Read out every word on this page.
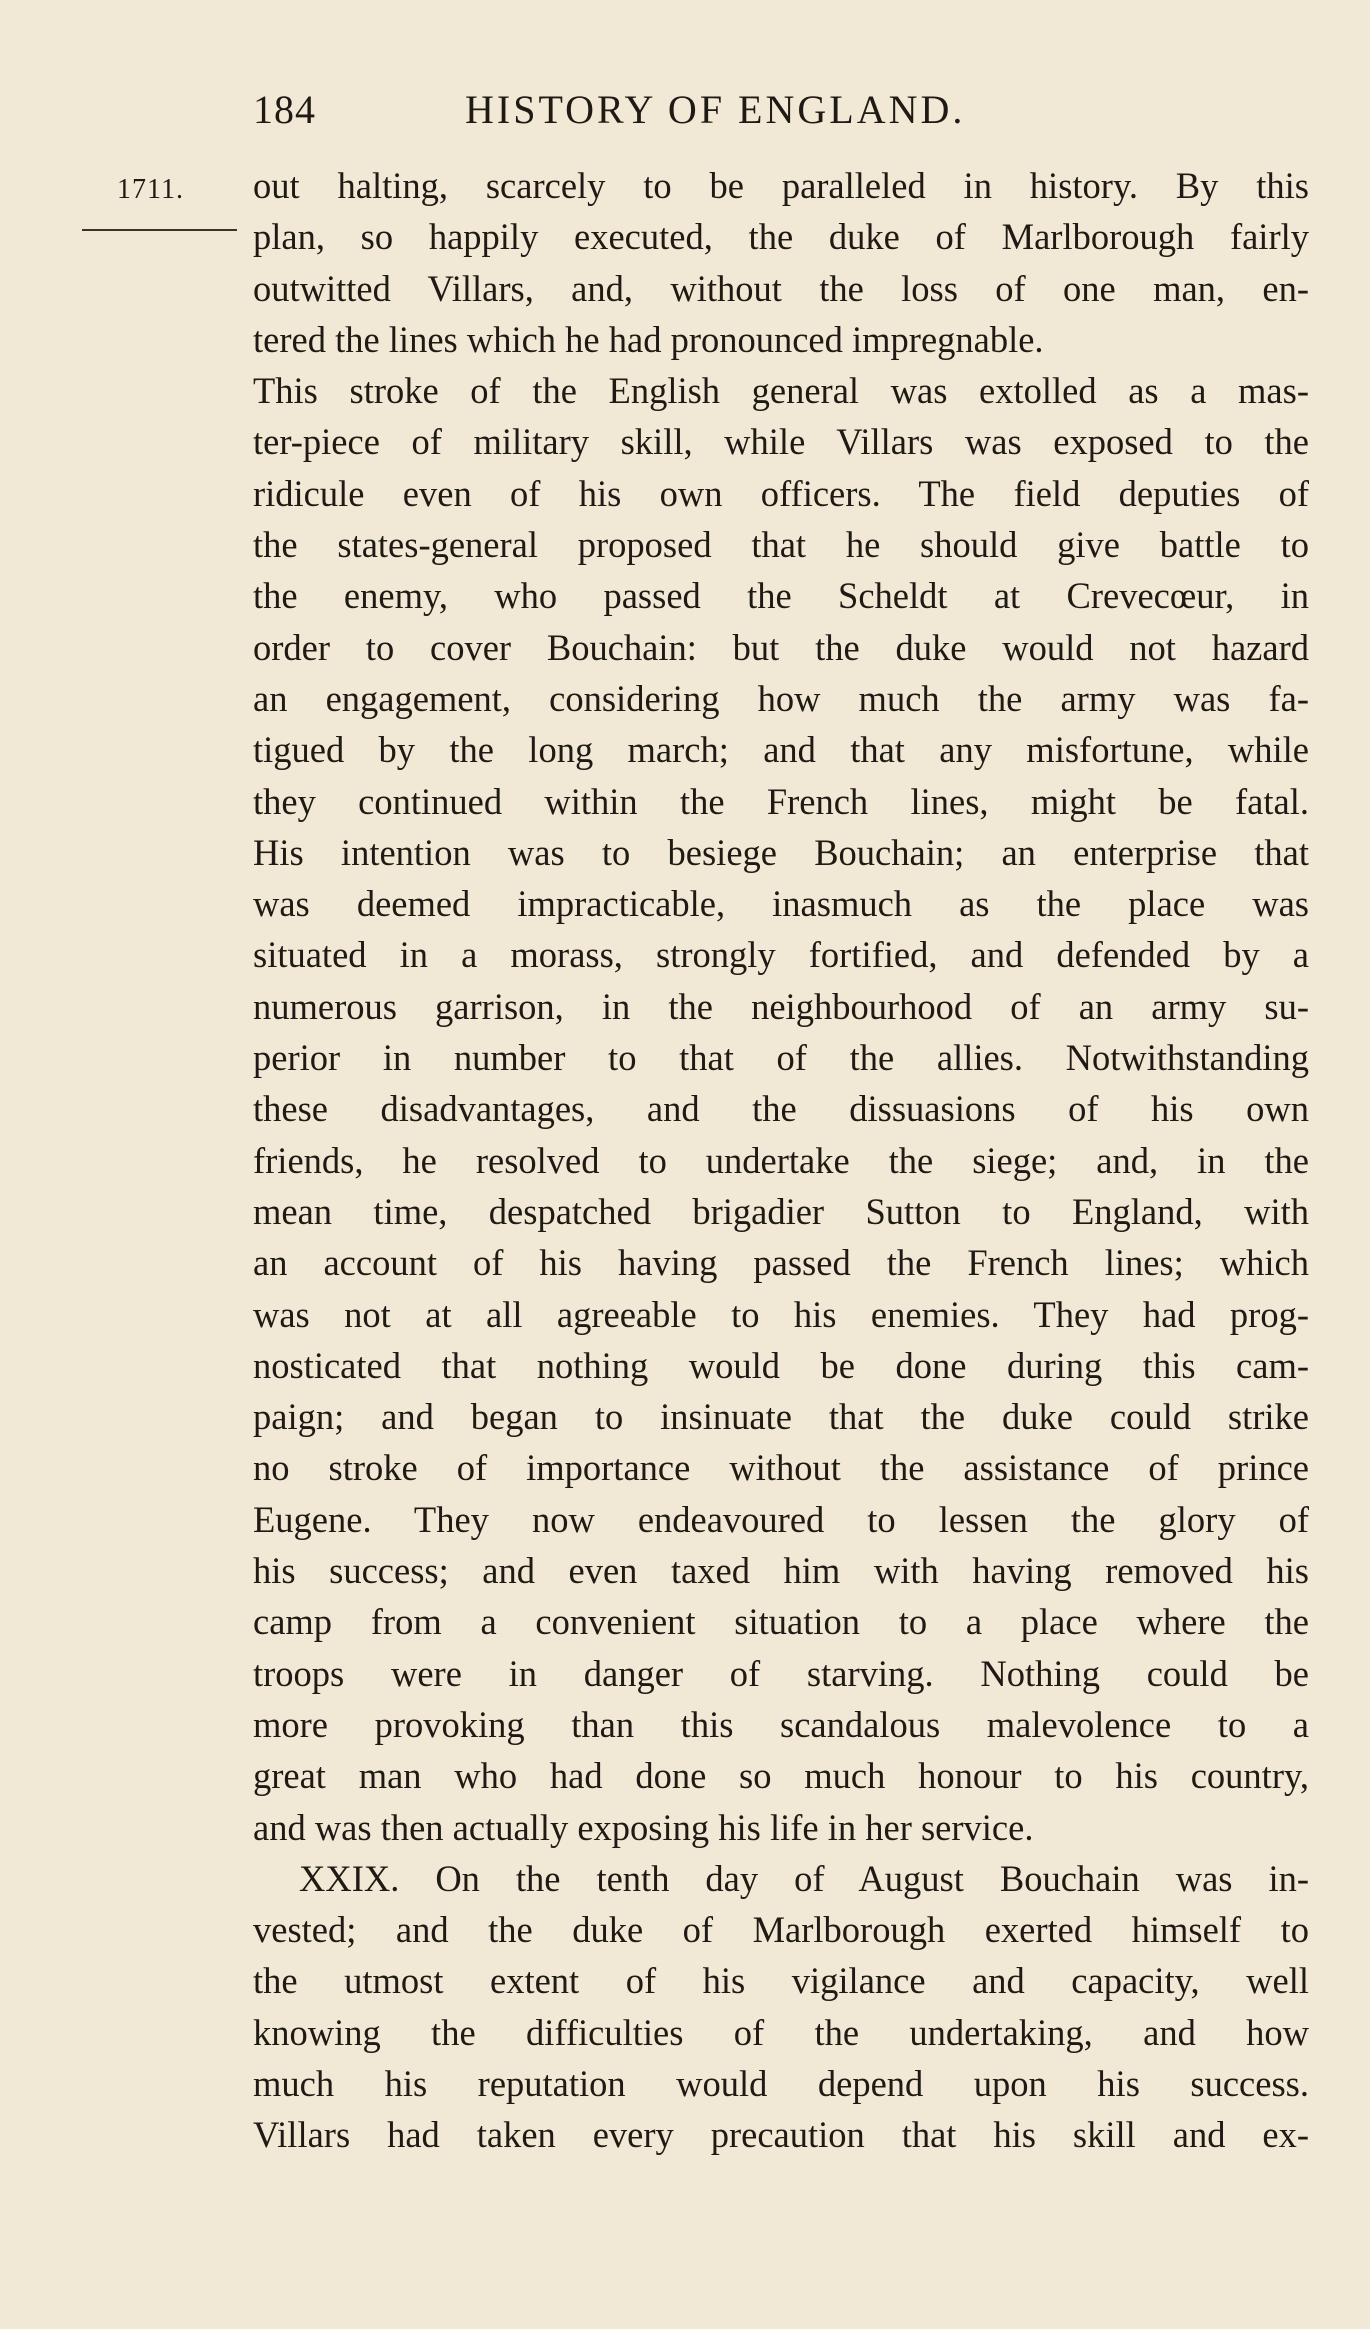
184	HISTORY OF ENGLAND.
1711. out halting, scarcely to be paralleled in history. By this
plan, so happily executed, the duke of Marlborough fairly
outwitted Villars, and, without the loss of one man, en-
tered the lines which he had pronounced impregnable.
This stroke of the English general was extolled as a mas-
ter-piece of military skill, while Villars was exposed to the
ridicule even of his own officers. The field deputies of
the states-general proposed that he should give battle to
the enemy, who passed the Scheldt at Crevecœur, in
order to cover Bouchain: but the duke would not hazard
an engagement, considering how much the army was fa-
tigued by the long march; and that any misfortune, while
they continued within the French lines, might be fatal.
His intention was to besiege Bouchain; an enterprise that
was deemed impracticable, inasmuch as the place was
situated in a morass, strongly fortified, and defended by a
numerous garrison, in the neighbourhood of an army su-
perior in number to that of the allies. Notwithstanding
these disadvantages, and the dissuasions of his own
friends, he resolved to undertake the siege; and, in the
mean time, despatched brigadier Sutton to England, with
an account of his having passed the French lines; which
was not at all agreeable to his enemies. They had prog-
nosticated that nothing would be done during this cam-
paign; and began to insinuate that the duke could strike
no stroke of importance without the assistance of prince
Eugene. They now endeavoured to lessen the glory of
his success; and even taxed him with having removed his
camp from a convenient situation to a place where the
troops were in danger of starving. Nothing could be
more provoking than this scandalous malevolence to a
great man who had done so much honour to his country,
and was then actually exposing his life in her service.
XXIX. On the tenth day of August Bouchain was in-
vested; and the duke of Marlborough exerted himself to
the utmost extent of his vigilance and capacity, well
knowing the difficulties of the undertaking, and how
much his reputation would depend upon his success.
Villars had taken every precaution that his skill and ex-
